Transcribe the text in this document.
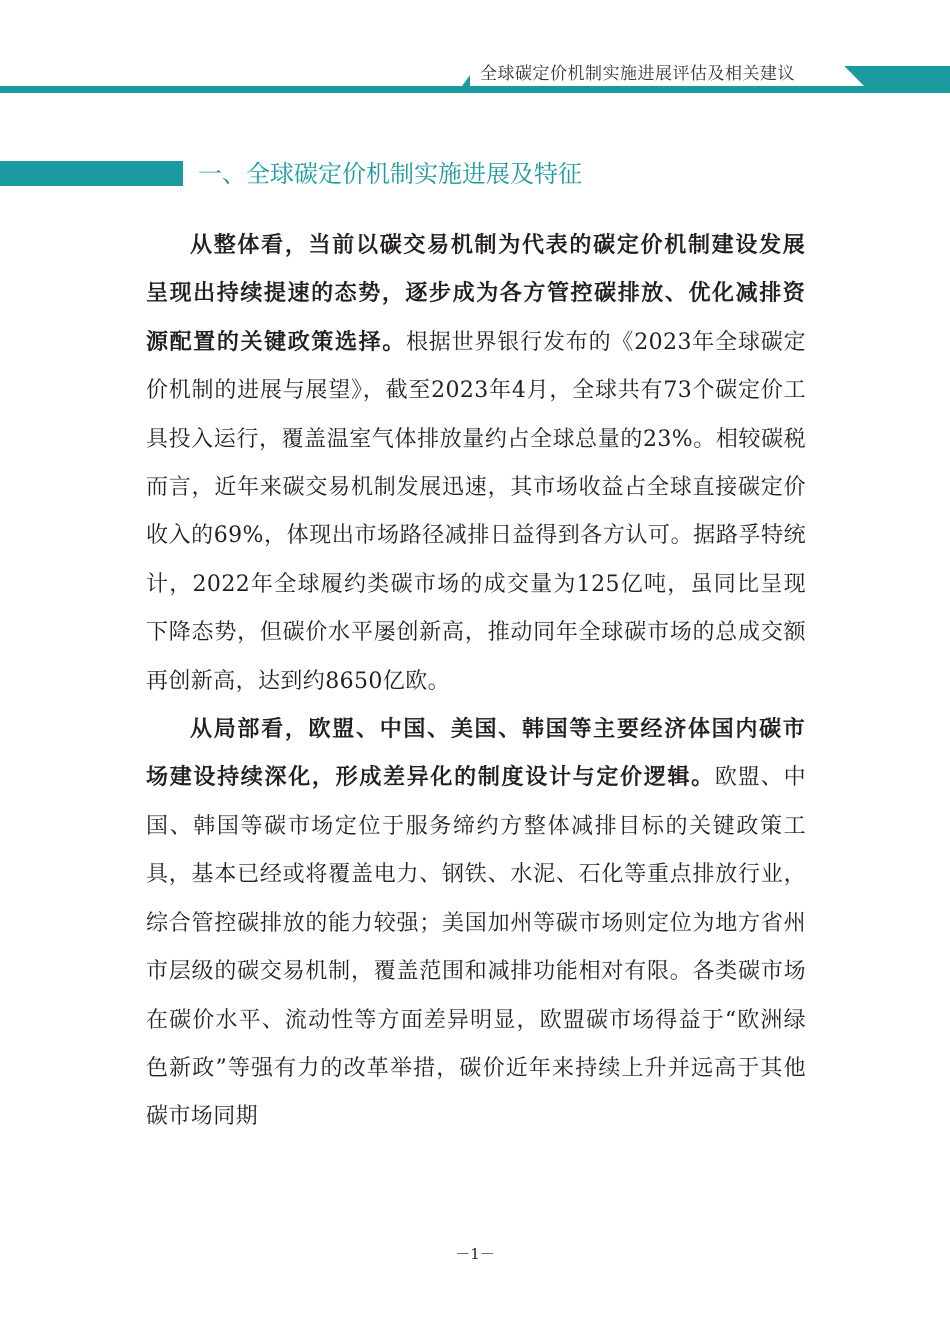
全球碳定价机制实施进展评估及相关建议
一、全球碳定价机制实施进展及特征

从整体看，当前以碳交易机制为代表的碳定价机制建设发展呈现出持续提速的态势，逐步成为各方管控碳排放、优化减排资源配置的关键政策选择。根据世界银行发布的《2023年全球碳定价机制的进展与展望》，截至2023年4月，全球共有73个碳定价工具投入运行，覆盖温室气体排放量约占全球总量的23%。相较碳税而言，近年来碳交易机制发展迅速，其市场收益占全球直接碳定价收入的69%，体现出市场路径减排日益得到各方认可。据路孚特统计，2022年全球履约类碳市场的成交量为125亿吨，虽同比呈现下降态势，但碳价水平屡创新高，推动同年全球碳市场的总成交额再创新高，达到约8650亿欧。

从局部看，欧盟、中国、美国、韩国等主要经济体国内碳市场建设持续深化，形成差异化的制度设计与定价逻辑。欧盟、中国、韩国等碳市场定位于服务缔约方整体减排目标的关键政策工具，基本已经或将覆盖电力、钢铁、水泥、石化等重点排放行业，综合管控碳排放的能力较强；美国加州等碳市场则定位为地方省州市层级的碳交易机制，覆盖范围和减排功能相对有限。各类碳市场在碳价水平、流动性等方面差异明显，欧盟碳市场得益于“欧洲绿色新政”等强有力的改革举措，碳价近年来持续上升并远高于其他碳市场同期

－1－
